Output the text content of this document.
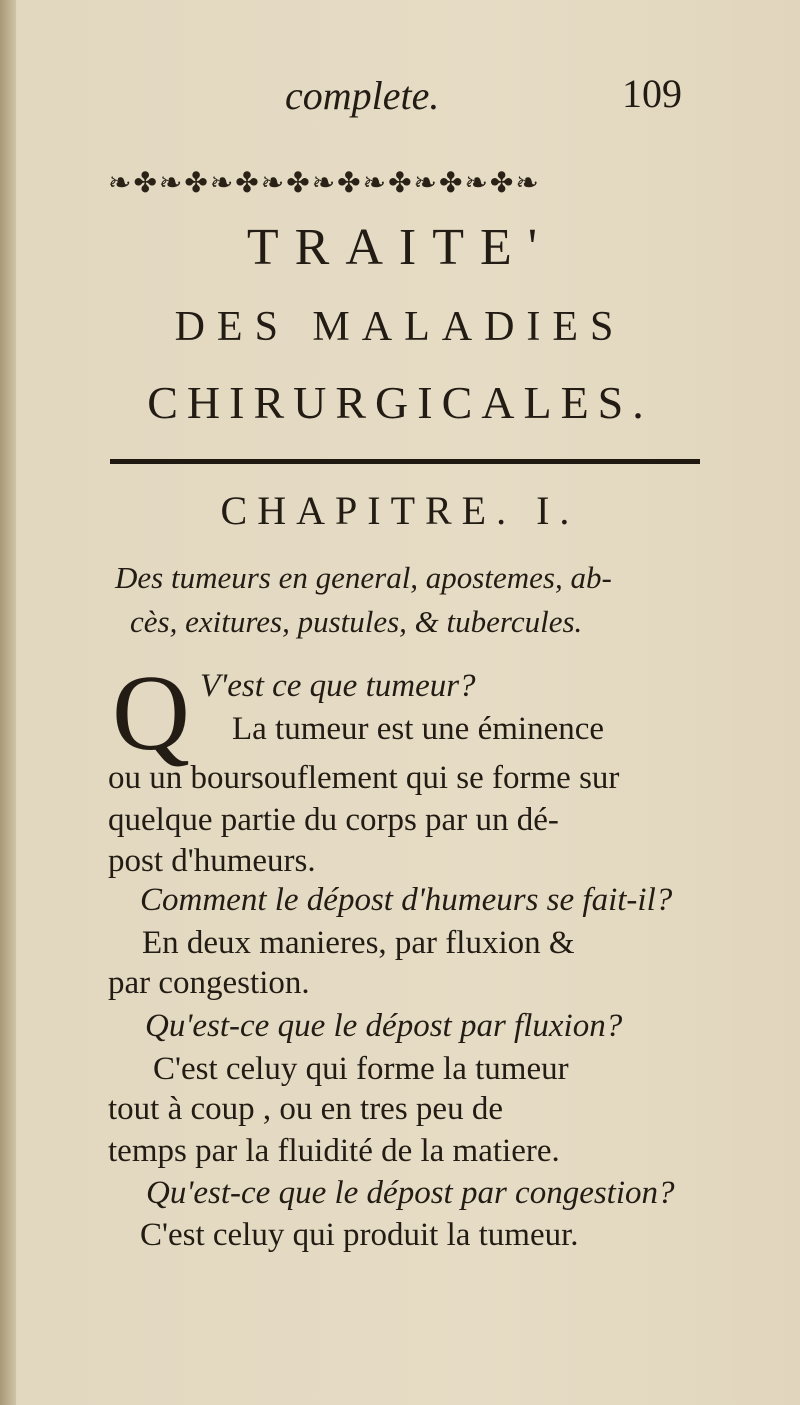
complete.	109
❧✤❧✤❧✤❧✤❧✤❧✤❧✤❧✤❧
TRAITE'
DES MALADIES
CHIRURGICALES.
CHAPITRE. I.
Des tumeurs en general, apostemes, ab-
cès, exitures, pustules, & tubercules.
Q V'est ce que tumeur?
La tumeur est une éminence
ou un boursouflement qui se forme sur
quelque partie du corps par un dé-
post d'humeurs.
Comment le dépost d'humeurs se fait-il?
En deux manieres, par fluxion &
par congestion.
Qu'est-ce que le dépost par fluxion?
C'est celuy qui forme la tumeur
tout à coup , ou en tres peu de
temps par la fluidité de la matiere.
Qu'est-ce que le dépost par congestion?
C'est celuy qui produit la tumeur.
